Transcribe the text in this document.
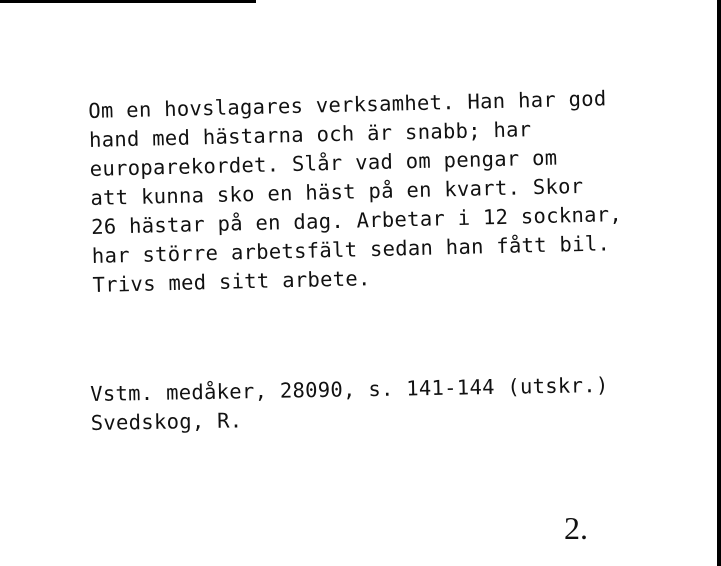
Om en hovslagares verksamhet. Han har god
hand med hästarna och är snabb; har
europarekordet. Slår vad om pengar om
att kunna sko en häst på en kvart. Skor
26 hästar på en dag. Arbetar i 12 socknar,
har större arbetsfält sedan han fått bil.
Trivs med sitt arbete.
Vstm. medåker, 28090, s. 141-144 (utskr.)
Svedskog, R.
2.
